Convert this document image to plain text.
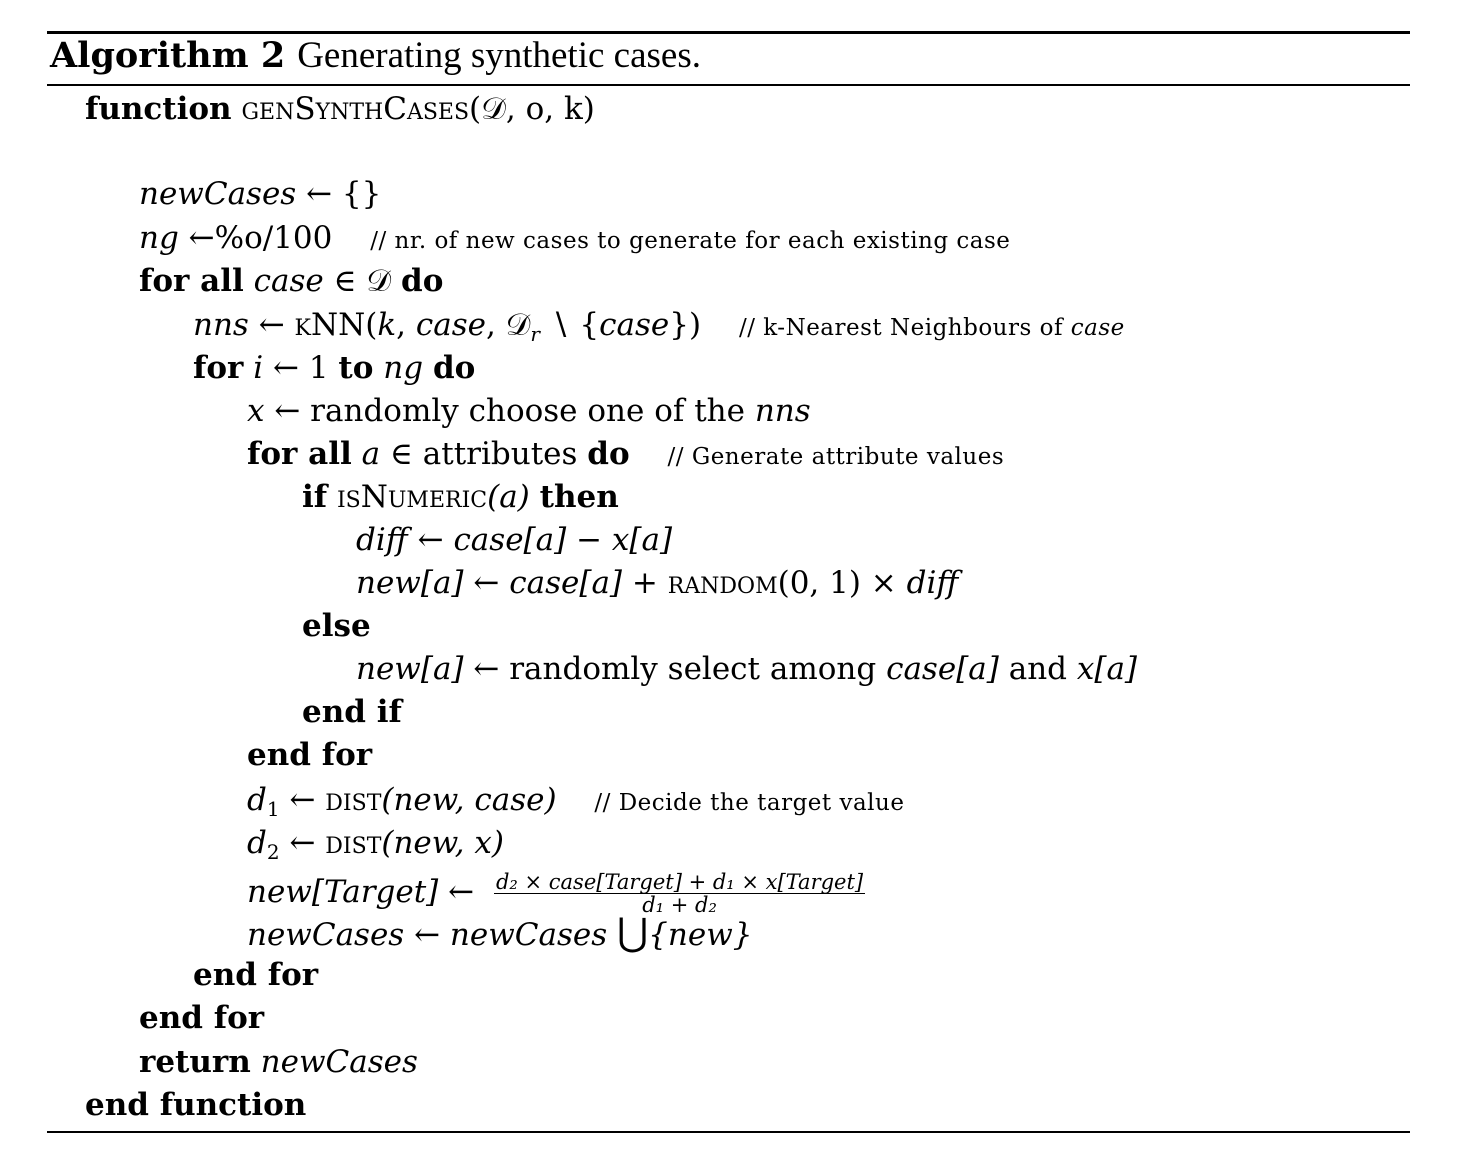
Algorithm 2 Generating synthetic cases.
function genSynthCases(𝒟, o, k)
newCases ← {}
ng ←%o/100 // nr. of new cases to generate for each existing case
for all case ∈ 𝒟 do
nns ← kNN(k, case, 𝒟$_r$ ∖ {case}) // k-Nearest Neighbours of case
for i ← 1 to ng do
x ← randomly choose one of the nns
for all a ∈ attributes do // Generate attribute values
if isNumeric(a) then
diff ← case[a] − x[a]
new[a] ← case[a] + random(0, 1) × diff
else
new[a] ← randomly select among case[a] and x[a]
end if
end for
$d_1$ ← dist(new, case) // Decide the target value
$d_2$ ← dist(new, x)
new[Target] ← $\frac{\text{d₂ × case[Target] + d₁ × x[Target]}}{\text{d₁ + d₂}}$
newCases ← newCases ⋃{new}
end for
end for
return newCases
end function
